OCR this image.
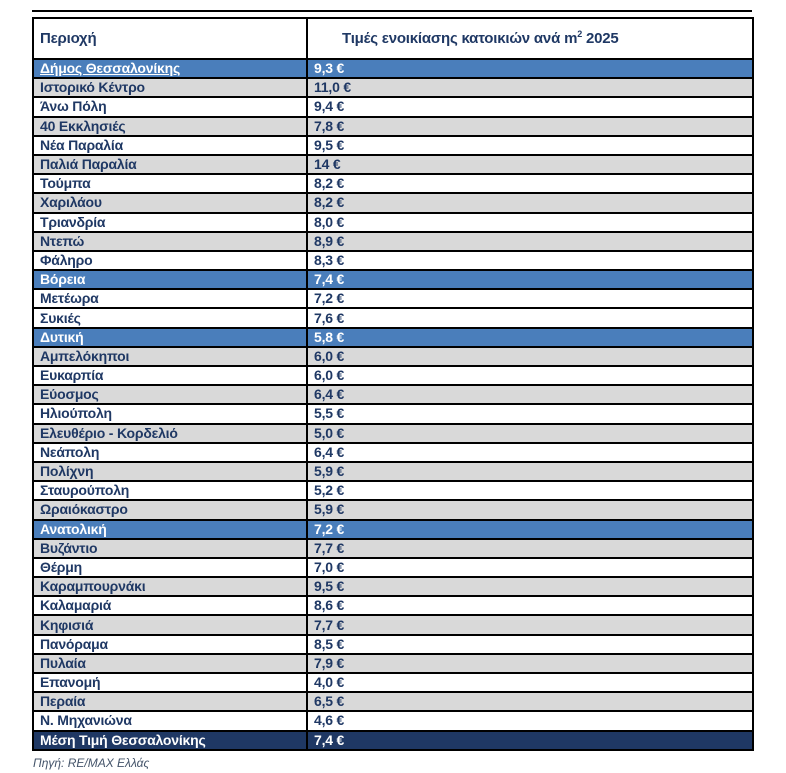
Περιοχή	Τιμές ενοικίασης κατοικιών ανά $m^2$ 2025
Δήμος Θεσσαλονίκης	9,3 €
Ιστορικό Κέντρο	11,0 €
Άνω Πόλη	9,4 €
40 Εκκλησιές	7,8 €
Νέα Παραλία	9,5 €
Παλιά Παραλία	14 €
Τούμπα	8,2 €
Χαριλάου	8,2 €
Τριανδρία	8,0 €
Ντεπώ	8,9 €
Φάληρο	8,3 €
Βόρεια	7,4 €
Μετέωρα	7,2 €
Συκιές	7,6 €
Δυτική	5,8 €
Αμπελόκηποι	6,0 €
Ευκαρπία	6,0 €
Εύοσμος	6,4 €
Ηλιούπολη	5,5 €
Ελευθέριο - Κορδελιό	5,0 €
Νεάπολη	6,4 €
Πολίχνη	5,9 €
Σταυρούπολη	5,2 €
Ωραιόκαστρο	5,9 €
Ανατολική	7,2 €
Βυζάντιο	7,7 €
Θέρμη	7,0 €
Καραμπουρνάκι	9,5 €
Καλαμαριά	8,6 €
Κηφισιά	7,7 €
Πανόραμα	8,5 €
Πυλαία	7,9 €
Επανομή	4,0 €
Περαία	6,5 €
Ν. Μηχανιώνα	4,6 €
Μέση Τιμή Θεσσαλονίκης	7,4 €
Πηγή: RE/MAX Ελλάς
